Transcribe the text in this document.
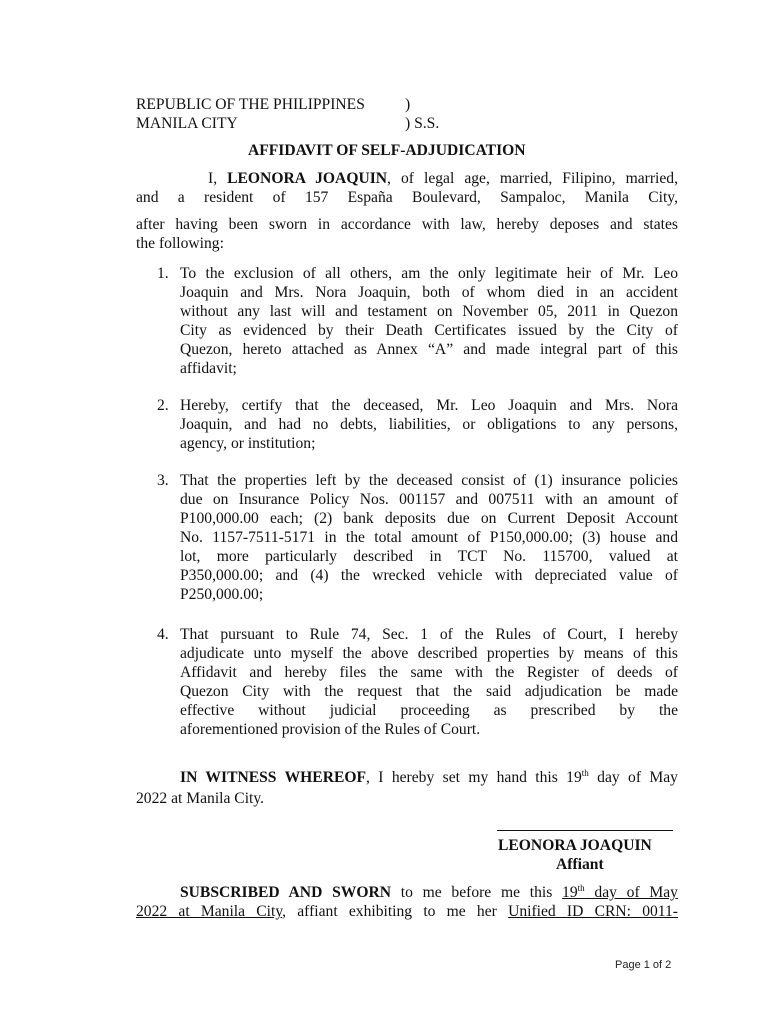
REPUBLIC OF THE PHILIPPINES	)
MANILA CITY	) S.S.
AFFIDAVIT OF SELF-ADJUDICATION
I, LEONORA JOAQUIN, of legal age, married, Filipino, married,
and a resident of 157 España Boulevard, Sampaloc, Manila City,
after having been sworn in accordance with law, hereby deposes and states
the following:
1. To the exclusion of all others, am the only legitimate heir of Mr. Leo
Joaquin and Mrs. Nora Joaquin, both of whom died in an accident
without any last will and testament on November 05, 2011 in Quezon
City as evidenced by their Death Certificates issued by the City of
Quezon, hereto attached as Annex “A” and made integral part of this
affidavit;
2. Hereby, certify that the deceased, Mr. Leo Joaquin and Mrs. Nora
Joaquin, and had no debts, liabilities, or obligations to any persons,
agency, or institution;
3. That the properties left by the deceased consist of (1) insurance policies
due on Insurance Policy Nos. 001157 and 007511 with an amount of
P100,000.00 each; (2) bank deposits due on Current Deposit Account
No. 1157-7511-5171 in the total amount of P150,000.00; (3) house and
lot, more particularly described in TCT No. 115700, valued at
P350,000.00; and (4) the wrecked vehicle with depreciated value of
P250,000.00;
4. That pursuant to Rule 74, Sec. 1 of the Rules of Court, I hereby
adjudicate unto myself the above described properties by means of this
Affidavit and hereby files the same with the Register of deeds of
Quezon City with the request that the said adjudication be made
effective without judicial proceeding as prescribed by the
aforementioned provision of the Rules of Court.
IN WITNESS WHEREOF, I hereby set my hand this 19th day of May
2022 at Manila City.
LEONORA JOAQUIN
Affiant
SUBSCRIBED AND SWORN to me before me this 19th day of May
2022 at Manila City, affiant exhibiting to me her Unified ID CRN: 0011-
Page 1 of 2
